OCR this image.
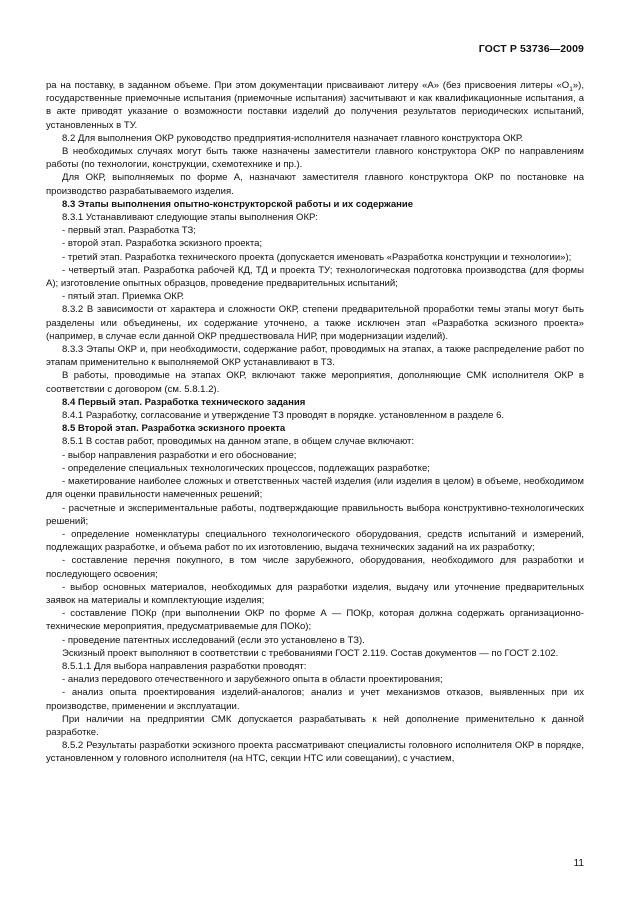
ГОСТ Р 53736—2009

ра на поставку, в заданном объеме. При этом документации присваивают литеру «А» (без присвоения литеры «$О_1$»), государственные приемочные испытания (приемочные испытания) засчитывают и как квалификационные испытания, а в акте приводят указание о возможности поставки изделий до получения результатов периодических испытаний, установленных в ТУ.

8.2 Для выполнения ОКР руководство предприятия-исполнителя назначает главного конструктора ОКР.

В необходимых случаях могут быть также назначены заместители главного конструктора ОКР по направлениям работы (по технологии, конструкции, схемотехнике и пр.).

Для ОКР, выполняемых по форме А, назначают заместителя главного конструктора ОКР по постановке на производство разрабатываемого изделия.

8.3 Этапы выполнения опытно-конструкторской работы и их содержание

8.3.1 Устанавливают следующие этапы выполнения ОКР:

- первый этап. Разработка ТЗ;

- второй этап. Разработка эскизного проекта;

- третий этап. Разработка технического проекта (допускается именовать «Разработка конструкции и технологии»);

- четвертый этап. Разработка рабочей КД, ТД и проекта ТУ; технологическая подготовка производства (для формы А); изготовление опытных образцов, проведение предварительных испытаний;

- пятый этап. Приемка ОКР.

8.3.2 В зависимости от характера и сложности ОКР, степени предварительной проработки темы этапы могут быть разделены или объединены, их содержание уточнено, а также исключен этап «Разработка эскизного проекта» (например, в случае если данной ОКР предшествовала НИР, при модернизации изделий).

8.3.3 Этапы ОКР и, при необходимости, содержание работ, проводимых на этапах, а также распределение работ по этапам применительно к выполняемой ОКР устанавливают в ТЗ.

В работы, проводимые на этапах ОКР, включают также мероприятия, дополняющие СМК исполнителя ОКР в соответствии с договором (см. 5.8.1.2).

8.4 Первый этап. Разработка технического задания

8.4.1 Разработку, согласование и утверждение ТЗ проводят в порядке. установленном в разделе 6.

8.5 Второй этап. Разработка эскизного проекта

8.5.1 В состав работ, проводимых на данном этапе, в общем случае включают:

- выбор направления разработки и его обоснование;

- определение специальных технологических процессов, подлежащих разработке;

- макетирование наиболее сложных и ответственных частей изделия (или изделия в целом) в объеме, необходимом для оценки правильности намеченных решений;

- расчетные и экспериментальные работы, подтверждающие правильность выбора конструктивно-технологических решений;

- определение номенклатуры специального технологического оборудования, средств испытаний и измерений, подлежащих разработке, и объема работ по их изготовлению, выдача технических заданий на их разработку;

- составление перечня покупного, в том числе зарубежного, оборудования, необходимого для разработки и последующего освоения;

- выбор основных материалов, необходимых для разработки изделия, выдачу или уточнение предварительных заявок на материалы и комплектующие изделия;

- составление ПОКр (при выполнении ОКР по форме А — ПОКр, которая должна содержать организационно-технические мероприятия, предусматриваемые для ПОКо);

- проведение патентных исследований (если это установлено в ТЗ).

Эскизный проект выполняют в соответствии с требованиями ГОСТ 2.119. Состав документов — по ГОСТ 2.102.

8.5.1.1 Для выбора направления разработки проводят:

- анализ передового отечественного и зарубежного опыта в области проектирования;

- анализ опыта проектирования изделий-аналогов; анализ и учет механизмов отказов, выявленных при их производстве, применении и эксплуатации.

При наличии на предприятии СМК допускается разрабатывать к ней дополнение применительно к данной разработке.

8.5.2 Результаты разработки эскизного проекта рассматривают специалисты головного исполнителя ОКР в порядке, установленном у головного исполнителя (на НТС, секции НТС или совещании), с участием,

11
